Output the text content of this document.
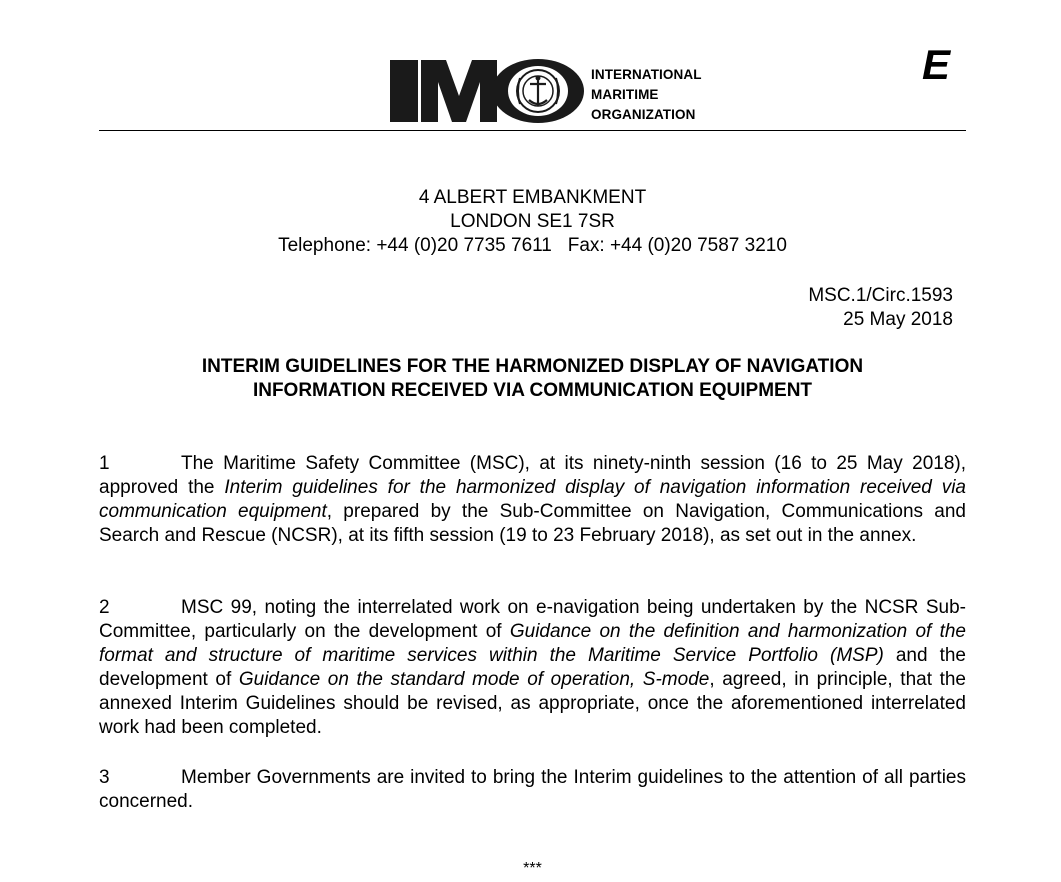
INTERNATIONAL
MARITIME
ORGANIZATION
E
4 ALBERT EMBANKMENT
LONDON SE1 7SR
Telephone: +44 (0)20 7735 7611 Fax: +44 (0)20 7587 3210
MSC.1/Circ.1593
25 May 2018
INTERIM GUIDELINES FOR THE HARMONIZED DISPLAY OF NAVIGATION
INFORMATION RECEIVED VIA COMMUNICATION EQUIPMENT
1	The Maritime Safety Committee (MSC), at its ninety-ninth session (16 to 25 May 2018), approved the Interim guidelines for the harmonized display of navigation information received via communication equipment, prepared by the Sub-Committee on Navigation, Communications and Search and Rescue (NCSR), at its fifth session (19 to 23 February 2018), as set out in the annex.
2	MSC 99, noting the interrelated work on e-navigation being undertaken by the NCSR Sub-Committee, particularly on the development of Guidance on the definition and harmonization of the format and structure of maritime services within the Maritime Service Portfolio (MSP) and the development of Guidance on the standard mode of operation, S-mode, agreed, in principle, that the annexed Interim Guidelines should be revised, as appropriate, once the aforementioned interrelated work had been completed.
3	Member Governments are invited to bring the Interim guidelines to the attention of all parties concerned.
***
